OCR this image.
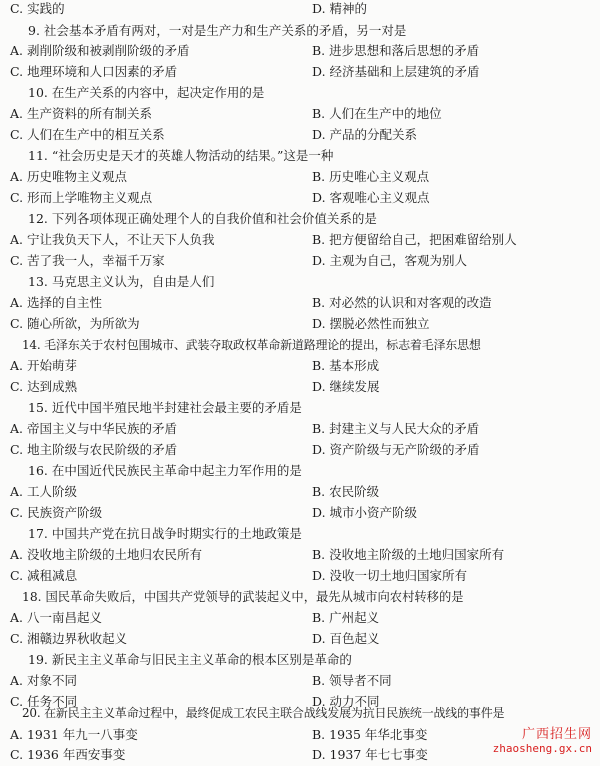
C. 实践的	D. 精神的
9. 社会基本矛盾有两对，一对是生产力和生产关系的矛盾，另一对是
A. 剥削阶级和被剥削阶级的矛盾	B. 进步思想和落后思想的矛盾
C. 地理环境和人口因素的矛盾	D. 经济基础和上层建筑的矛盾
10. 在生产关系的内容中，起决定作用的是
A. 生产资料的所有制关系	B. 人们在生产中的地位
C. 人们在生产中的相互关系	D. 产品的分配关系
11. “社会历史是天才的英雄人物活动的结果。”这是一种
A. 历史唯物主义观点	B. 历史唯心主义观点
C. 形而上学唯物主义观点	D. 客观唯心主义观点
12. 下列各项体现正确处理个人的自我价值和社会价值关系的是
A. 宁让我负天下人，不让天下人负我	B. 把方便留给自己，把困难留给别人
C. 苦了我一人，幸福千万家	D. 主观为自己，客观为别人
13. 马克思主义认为，自由是人们
A. 选择的自主性	B. 对必然的认识和对客观的改造
C. 随心所欲，为所欲为	D. 摆脱必然性而独立
14. 毛泽东关于农村包围城市、武装夺取政权革命新道路理论的提出，标志着毛泽东思想
A. 开始萌芽	B. 基本形成
C. 达到成熟	D. 继续发展
15. 近代中国半殖民地半封建社会最主要的矛盾是
A. 帝国主义与中华民族的矛盾	B. 封建主义与人民大众的矛盾
C. 地主阶级与农民阶级的矛盾	D. 资产阶级与无产阶级的矛盾
16. 在中国近代民族民主革命中起主力军作用的是
A. 工人阶级	B. 农民阶级
C. 民族资产阶级	D. 城市小资产阶级
17. 中国共产党在抗日战争时期实行的土地政策是
A. 没收地主阶级的土地归农民所有	B. 没收地主阶级的土地归国家所有
C. 减租减息	D. 没收一切土地归国家所有
18. 国民革命失败后，中国共产党领导的武装起义中，最先从城市向农村转移的是
A. 八一南昌起义	B. 广州起义
C. 湘赣边界秋收起义	D. 百色起义
19. 新民主主义革命与旧民主主义革命的根本区别是革命的
A. 对象不同	B. 领导者不同
C. 任务不同	D. 动力不同
20. 在新民主主义革命过程中，最终促成工农民主联合战线发展为抗日民族统一战线的事件是
A. 1931 年九一八事变	B. 1935 年华北事变	广西招生网
zhaosheng.gx.cn
C. 1936 年西安事变	D. 1937 年七七事变
